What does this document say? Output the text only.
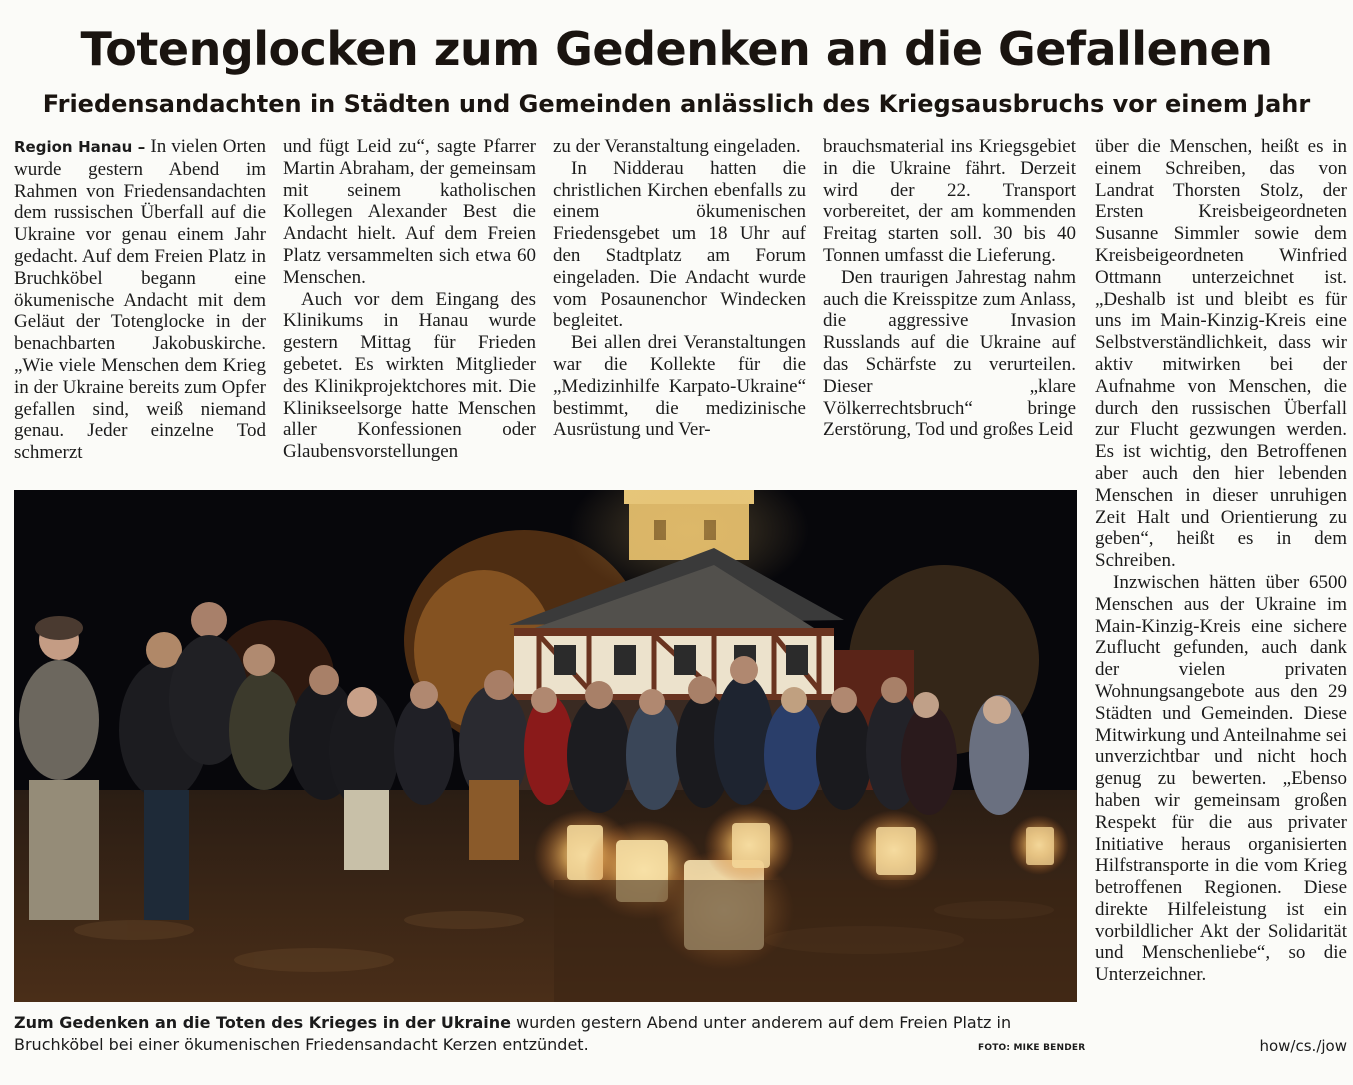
Totenglocken zum Gedenken an die Gefallenen
Friedensandachten in Städten und Gemeinden anlässlich des Kriegsausbruchs vor einem Jahr

Region Hanau – In vielen Orten wurde gestern Abend im Rahmen von Friedensandachten dem russischen Überfall auf die Ukraine vor genau einem Jahr gedacht. Auf dem Freien Platz in Bruchköbel begann eine ökumenische Andacht mit dem Geläut der Totenglocke in der benachbarten Jakobuskirche. „Wie viele Menschen dem Krieg in der Ukraine bereits zum Opfer gefallen sind, weiß niemand genau. Jeder einzelne Tod schmerzt

und fügt Leid zu“, sagte Pfarrer Martin Abraham, der gemeinsam mit seinem katholischen Kollegen Alexander Best die Andacht hielt. Auf dem Freien Platz versammelten sich etwa 60 Menschen.

Auch vor dem Eingang des Klinikums in Hanau wurde gestern Mittag für Frieden gebetet. Es wirkten Mitglieder des Klinikprojektchores mit. Die Klinikseelsorge hatte Menschen aller Konfessionen oder Glaubensvorstellungen

zu der Veranstaltung eingeladen.

In Nidderau hatten die christlichen Kirchen ebenfalls zu einem ökumenischen Friedensgebet um 18 Uhr auf den Stadtplatz am Forum eingeladen. Die Andacht wurde vom Posaunenchor Windecken begleitet.

Bei allen drei Veranstaltungen war die Kollekte für die „Medizinhilfe Karpato-Ukraine“ bestimmt, die medizinische Ausrüstung und Ver-

brauchsmaterial ins Kriegsgebiet in die Ukraine fährt. Derzeit wird der 22. Transport vorbereitet, der am kommenden Freitag starten soll. 30 bis 40 Tonnen umfasst die Lieferung.

Den traurigen Jahrestag nahm auch die Kreisspitze zum Anlass, die aggressive Invasion Russlands auf die Ukraine auf das Schärfste zu verurteilen. Dieser „klare Völkerrechtsbruch“ bringe Zerstörung, Tod und großes Leid

über die Menschen, heißt es in einem Schreiben, das von Landrat Thorsten Stolz, der Ersten Kreisbeigeordneten Susanne Simmler sowie dem Kreisbeigeordneten Winfried Ottmann unterzeichnet ist. „Deshalb ist und bleibt es für uns im Main-Kinzig-Kreis eine Selbstverständlichkeit, dass wir aktiv mitwirken bei der Aufnahme von Menschen, die durch den russischen Überfall zur Flucht gezwungen werden. Es ist wichtig, den Betroffenen aber auch den hier lebenden Menschen in dieser unruhigen Zeit Halt und Orientierung zu geben“, heißt es in dem Schreiben.

Inzwischen hätten über 6500 Menschen aus der Ukraine im Main-Kinzig-Kreis eine sichere Zuflucht gefunden, auch dank der vielen privaten Wohnungsangebote aus den 29 Städten und Gemeinden. Diese Mitwirkung und Anteilnahme sei unverzichtbar und nicht hoch genug zu bewerten. „Ebenso haben wir gemeinsam großen Respekt für die aus privater Initiative heraus organisierten Hilfstransporte in die vom Krieg betroffenen Regionen. Diese direkte Hilfeleistung ist ein vorbildlicher Akt der Solidarität und Menschenliebe“, so die Unterzeichner.

Zum Gedenken an die Toten des Krieges in der Ukraine wurden gestern Abend unter anderem auf dem Freien Platz in Bruchköbel bei einer ökumenischen Friedensandacht Kerzen entzündet.	FOTO: MIKE BENDER	how/cs./jow
